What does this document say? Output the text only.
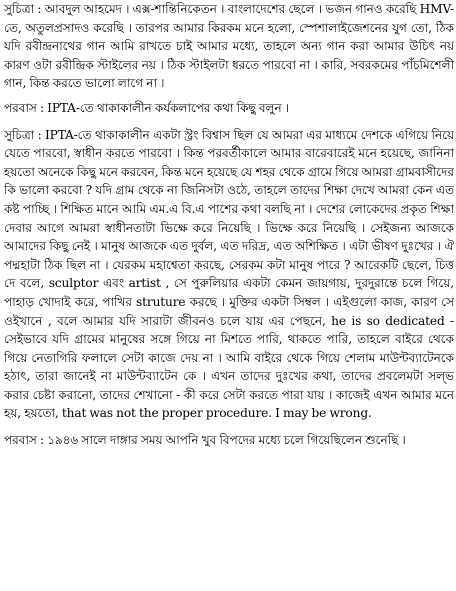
সুচিত্রা : আবদুল আহমেদ । এক্স-শান্তিনিকেতন । বাংলাদেশের ছেলে । ভজন গানও করেছি HMV-তে, অতুলপ্রসাদও করেছি । তারপর আমার কিরকম মনে হলো, স্পেশালাইজেশনের যুগ তো, ঠিক যদি রবীন্দ্রনাথের গান আমি রাখতে চাই আমার মধ্যে, তাহলে অন্য গান করা আমার উচিৎ নয় কারণ ওটা রবীন্দ্রিক স্টাইলের নয় । ঠিক স্টাইলটা ধরতে পারবো না । কারি, সবরকমের পাঁচমিশেলী গান, কিন্ত করতে ভালো লাগে না ।

পরবাস : IPTA-তে থাকাকালীন কর্যকলাপের কথা কিছু বলুন ।

সুচিত্রা : IPTA-তে থাকাকালীন একটা স্ট্রং বিশ্বাস ছিল যে আমরা এর মাধ্যমে দেশকে এগিয়ে নিয়ে যেতে পারবো, স্বাধীন করতে পারবো । কিন্ত পরবর্তীকালে আমার বারেবারেই মনে হয়েছে, জানিনা হয়তো অনেকে কিছু মনে করবেন, কিন্ত মনে হয়েছে যে শহর থেকে গ্রামে গিয়ে আমরা গ্রামবাসীদের কি ভালো করবো ? যদি গ্রাম থেকে না জিনিসটা ওঠে, তাহলে তাদের শিক্ষা দেখে আমরা কেন এত কষ্ট পাচ্ছি । শিক্ষিত মানে আমি এম.এ বি.এ পাশের কথা বলছি না । দেশের লোকেদের প্রকৃত শিক্ষা দেবার আগে আমরা স্বাধীনতাটা ভিক্ষে করে নিয়েছি । ভিক্ষে করে নিয়েছি । সেইজন্য আজকে আমাদের কিছু নেই । মানুষ আজকে এত দুর্বল, এত দরিদ্র, এত অশিক্ষিত । এটা ভীষণ দুঃখের । ঐ পদ্মহাটা ঠিক ছিল না । যেরকম মহাশ্বেতা করছে, সেরকম কটা মানুষ পারে ? আরেকটি ছেলে, চিত্ত দে বলে, sculptor এবং artist , সে পুরুলিয়ার একটা কেমন জায়গায়, দুরদুরান্তে চলে গিয়ে, পাহাড় খোদাই করে, পাখির struture করছে । মুক্তির একটা সিম্বল । এইগুলো কাজ, কারণ সে ওইখানে , বলে আমার যদি সারাটা জীবনও চলে যায় এর পেছনে, he is so dedicated - সেইভাবে যদি গ্রামের মানুষের সঙ্গে গিয়ে না মিশতে পারি, থাকতে পারি, তাহলে বাইরে থেকে গিয়ে নেতাগিরি ফলালে সেটা কাজে দেয় না । আমি বাইরে থেকে গিয়ে শেলাম মাউন্টব্যাটেনকে হঠাৎ, তারা জানেই না মাউন্টব্যাটেন কে । এখন তাদের দুঃখের কথা, তাদের প্রবলেমটা সল্ভ করার চেষ্টা করানো, তাদের শেখানো - কী করে সেটা করতে পারা যায় । কাজেই এখন আমার মনে হয়, হয়তো, that was not the proper procedure. I may be wrong.

পরবাস : ১৯৪৬ সালে দাঙ্গার সময় আপনি খুব বিপদের মধ্যে চলে গিয়েছিলেন শুনেছি ।
